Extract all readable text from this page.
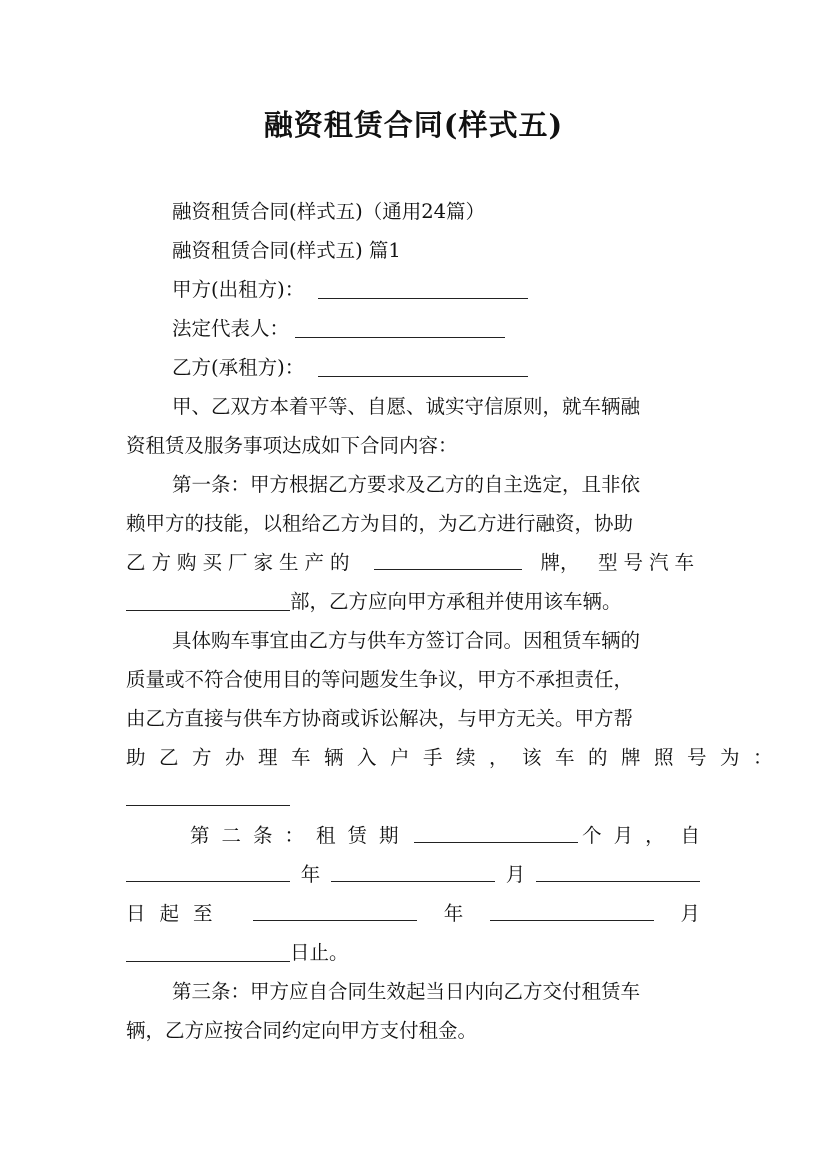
融资租赁合同(样式五)
融资租赁合同(样式五)（通用24篇）
融资租赁合同(样式五) 篇1
甲方(出租方)：
法定代表人：
乙方(承租方)：
甲、乙双方本着平等、自愿、诚实守信原则，就车辆融
资租赁及服务事项达成如下合同内容：
第一条：甲方根据乙方要求及乙方的自主选定，且非依
赖甲方的技能，以租给乙方为目的，为乙方进行融资，协助
乙方购买厂家生产的	牌， 型号汽车
部，乙方应向甲方承租并使用该车辆。
具体购车事宜由乙方与供车方签订合同。因租赁车辆的
质量或不符合使用目的等问题发生争议，甲方不承担责任，
由乙方直接与供车方协商或诉讼解决，与甲方无关。甲方帮
助乙方办理车辆入户手续，该车的牌照号为：
第二条：租赁期	个月， 自
年	月
日起至	年	月
日止。
第三条：甲方应自合同生效起当日内向乙方交付租赁车
辆，乙方应按合同约定向甲方支付租金。
